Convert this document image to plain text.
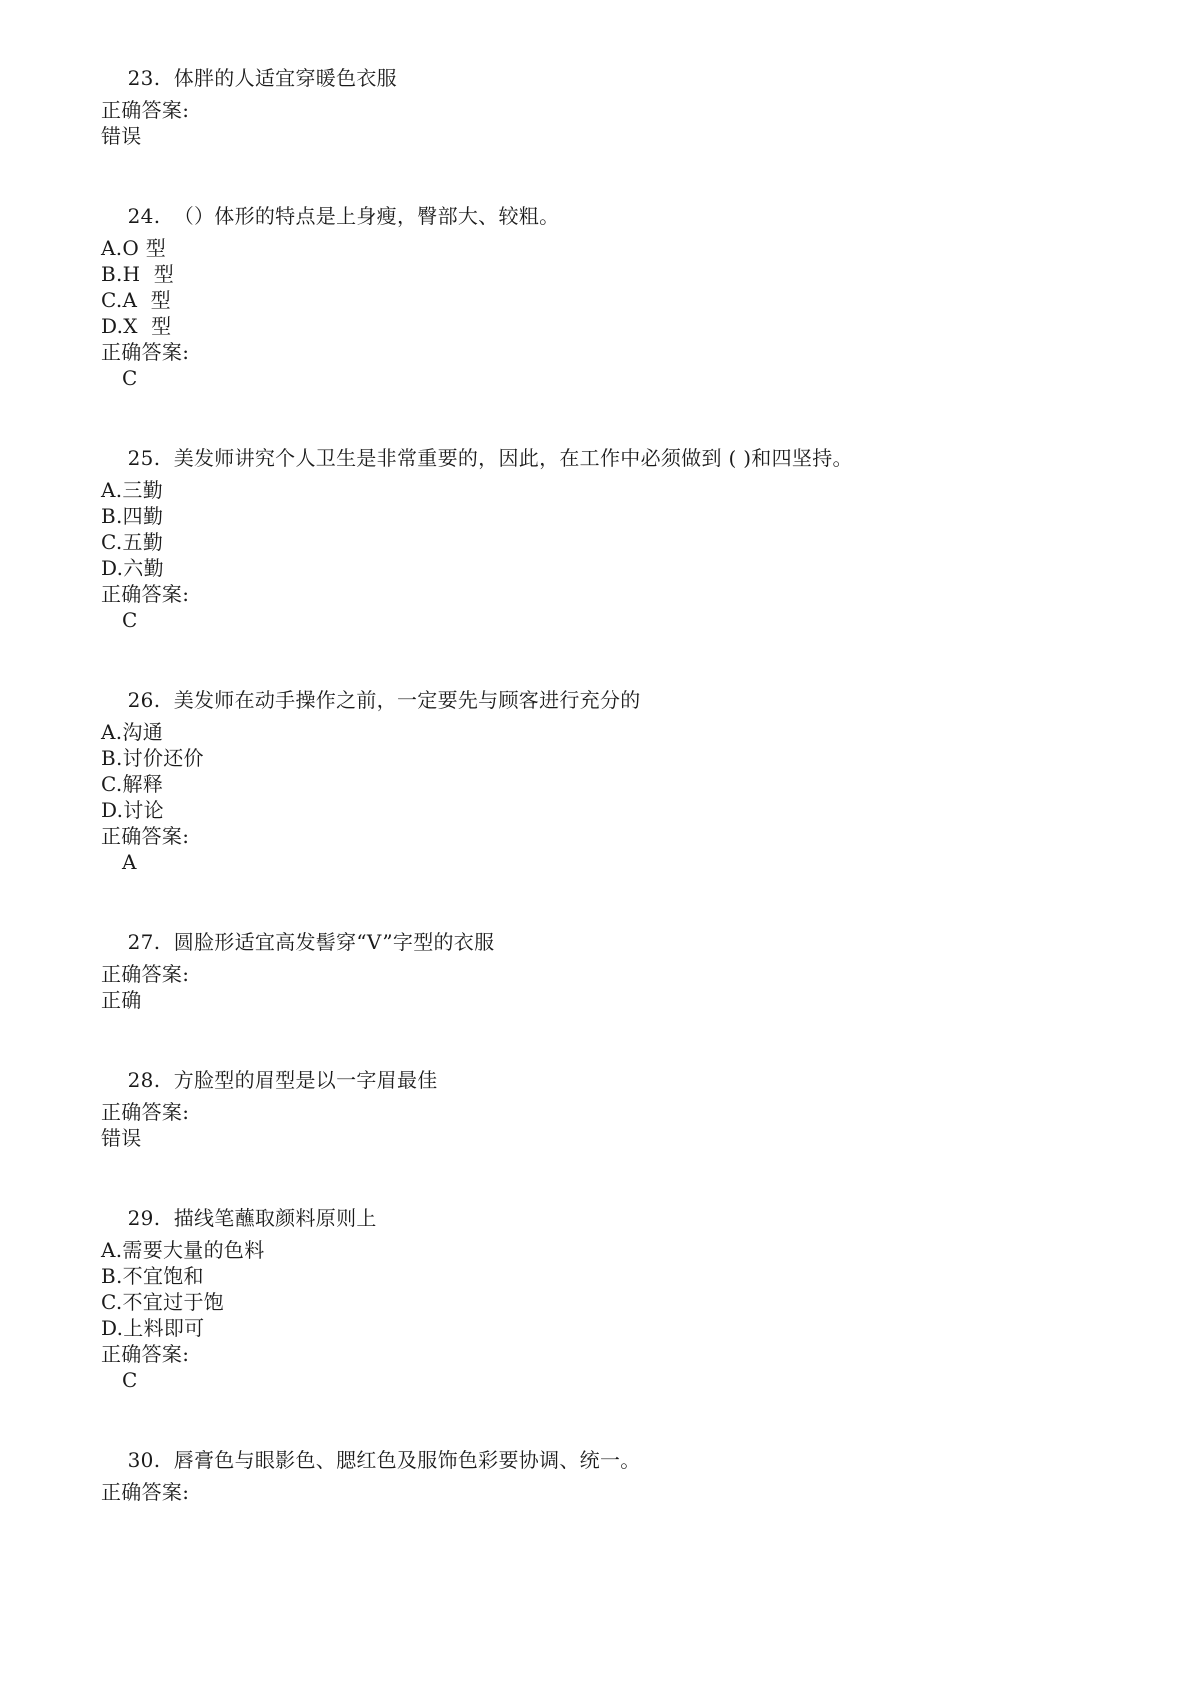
23. 体胖的人适宜穿暖色衣服

正确答案:
错误

24. （）体形的特点是上身瘦，臀部大、较粗。

A.O 型
B.H  型
C.A  型
D.X  型
正确答案:
C

25. 美发师讲究个人卫生是非常重要的，因此，在工作中必须做到 ( )和四坚持。

A.三勤
B.四勤
C.五勤
D.六勤
正确答案:
C

26. 美发师在动手操作之前，一定要先与顾客进行充分的

A.沟通
B.讨价还价
C.解释
D.讨论
正确答案:
A

27. 圆脸形适宜高发髻穿“V”字型的衣服

正确答案:
正确

28. 方脸型的眉型是以一字眉最佳

正确答案:
错误

29. 描线笔蘸取颜料原则上

A.需要大量的色料
B.不宜饱和
C.不宜过于饱
D.上料即可
正确答案:
C

30. 唇膏色与眼影色、腮红色及服饰色彩要协调、统一。

正确答案:
